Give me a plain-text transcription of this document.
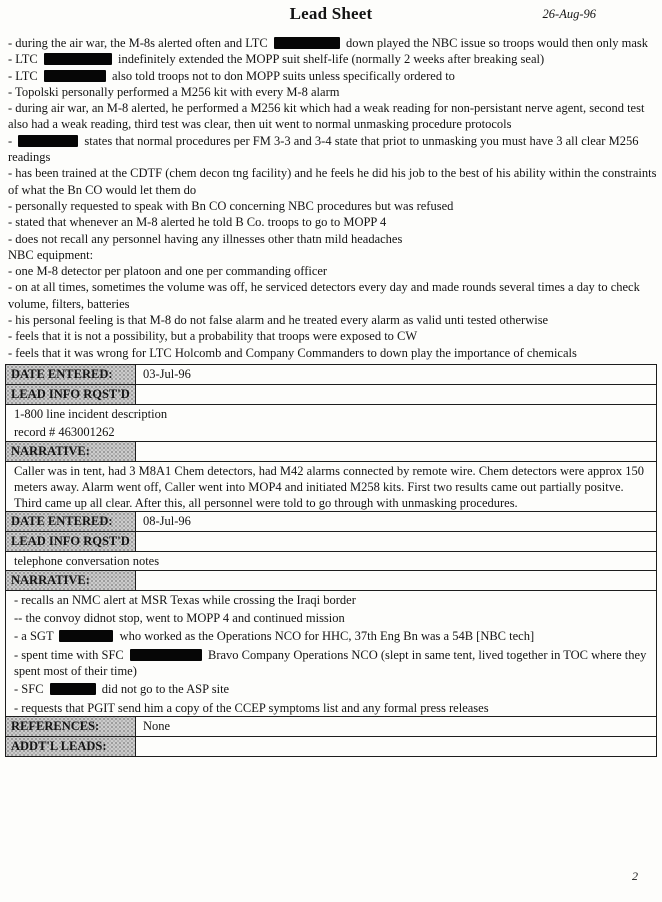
Lead Sheet	26-Aug-96
- during the air war, the M-8s alerted often and LTC	down played the NBC issue so troops would then only mask
- LTC	indefinitely extended the MOPP suit shelf-life (normally 2 weeks after breaking seal)
- LTC	also told troops not to don MOPP suits unless specifically ordered to
- Topolski personally performed a M256 kit with every M-8 alarm
- during air war, an M-8 alerted, he performed a M256 kit which had a weak reading for non-persistant nerve agent, second test also had a weak reading, third test was clear, then uit went to normal unmasking procedure protocols
-	states that normal procedures per FM 3-3 and 3-4 state that priot to unmasking you must have 3 all clear M256 readings
- has been trained at the CDTF (chem decon tng facility) and he feels he did his job to the best of his ability within the constraints of what the Bn CO would let them do
- personally requested to speak with Bn CO concerning NBC procedures but was refused
- stated that whenever an M-8 alerted he told B Co. troops to go to MOPP 4
- does not recall any personnel having any illnesses other thatn mild headaches
NBC equipment:
- one M-8 detector per platoon and one per commanding officer
- on at all times, sometimes the volume was off, he serviced detectors every day and made rounds several times a day to check volume, filters, batteries
- his personal feeling is that M-8 do not false alarm and he treated every alarm as valid unti tested otherwise
- feels that it is not a possibility, but a probability that troops were exposed to CW
- feels that it was wrong for LTC Holcomb and Company Commanders to down play the importance of chemicals
DATE ENTERED:	03-Jul-96
LEAD INFO RQST'D
1-800 line incident description
record # 463001262
NARRATIVE:
Caller was in tent, had 3 M8A1 Chem detectors, had M42 alarms connected by remote wire. Chem detectors were approx 150 meters away. Alarm went off, Caller went into MOP4 and initiated M258 kits. First two results came out partially positve. Third came up all clear. After this, all personnel were told to go through with unmasking procedures.
DATE ENTERED:	08-Jul-96
LEAD INFO RQST'D
telephone conversation notes
NARRATIVE:
- recalls an NMC alert at MSR Texas while crossing the Iraqi border
-- the convoy didnot stop, went to MOPP 4 and continued mission
- a SGT	who worked as the Operations NCO for HHC, 37th Eng Bn was a 54B [NBC tech]
- spent time with SFC	Bravo Company Operations NCO (slept in same tent, lived together in TOC where they spent most of their time)
- SFC	did not go to the ASP site
- requests that PGIT send him a copy of the CCEP symptoms list and any formal press releases
REFERENCES:	None
ADDT'L LEADS:
2
